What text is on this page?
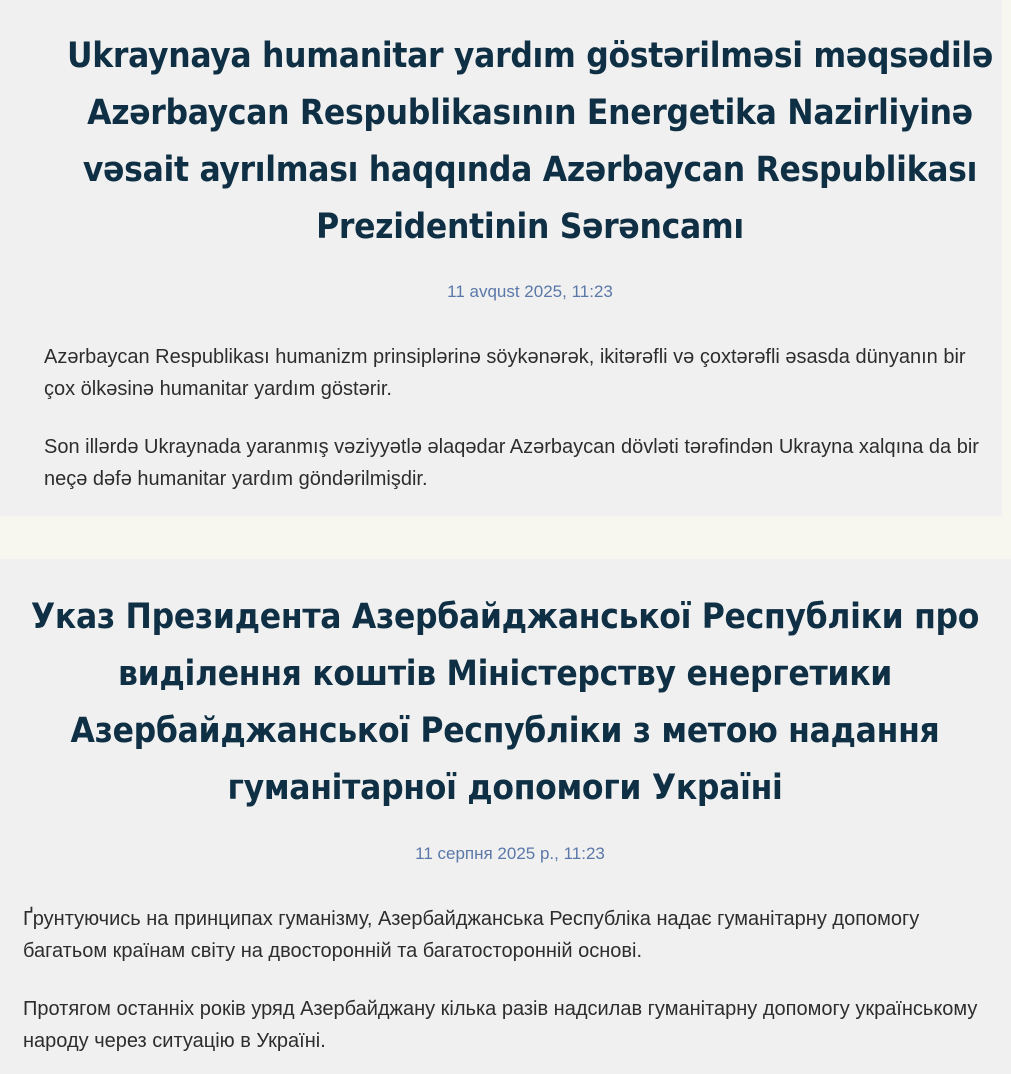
Ukraynaya humanitar yardım göstərilməsi məqsədilə Azərbaycan Respublikasının Energetika Nazirliyinə vəsait ayrılması haqqında Azərbaycan Respublikası Prezidentinin Sərəncamı

11 avqust 2025, 11:23

Azərbaycan Respublikası humanizm prinsiplərinə söykənərək, ikitərəfli və çoxtərəfli əsasda dünyanın bir çox ölkəsinə humanitar yardım göstərir.

Son illərdə Ukraynada yaranmış vəziyyətlə əlaqədar Azərbaycan dövləti tərəfindən Ukrayna xalqına da bir neçə dəfə humanitar yardım göndərilmişdir.

Указ Президента Азербайджанської Республіки про виділення коштів Міністерству енергетики Азербайджанської Республіки з метою надання гуманітарної допомоги Україні

11 серпня 2025 р., 11:23

Ґрунтуючись на принципах гуманізму, Азербайджанська Республіка надає гуманітарну допомогу багатьом країнам світу на двосторонній та багатосторонній основі.

Протягом останніх років уряд Азербайджану кілька разів надсилав гуманітарну допомогу українському народу через ситуацію в Україні.
